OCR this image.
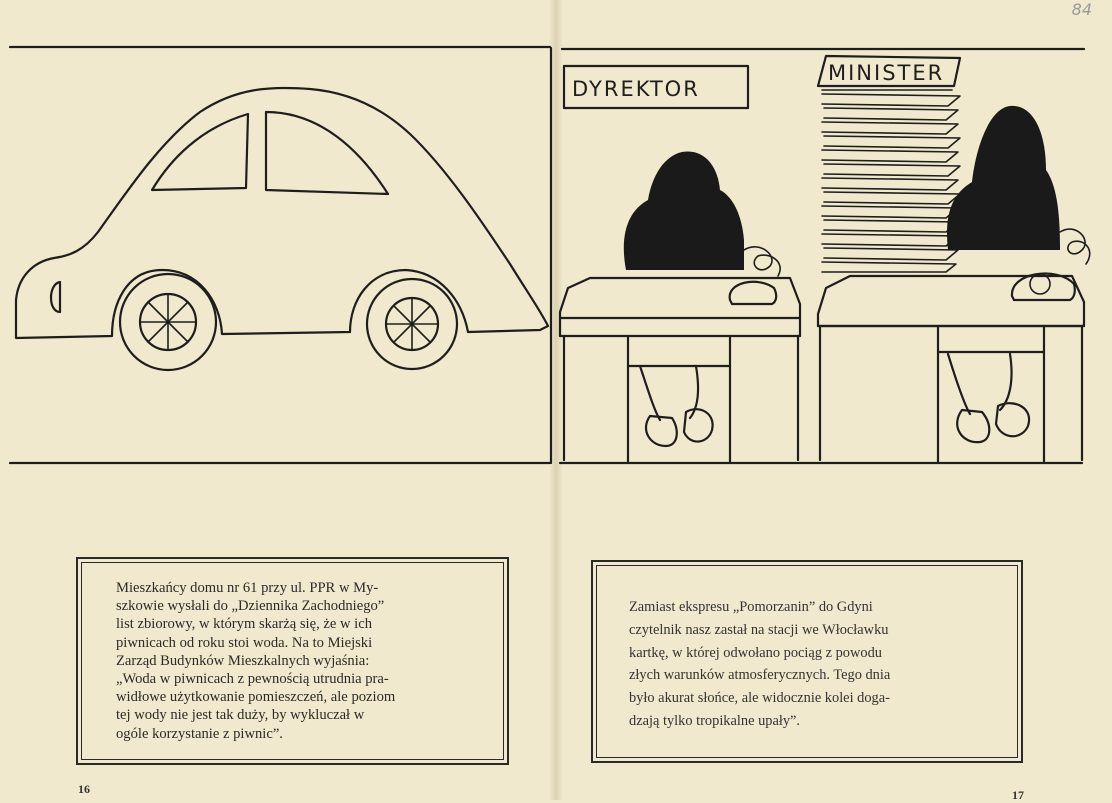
84
DYREKTOR
MINISTER
Mieszkańcy domu nr 61 przy ul. PPR w My-
szkowie wysłali do „Dziennika Zachodniego”
list zbiorowy, w którym skarżą się, że w ich
piwnicach od roku stoi woda. Na to Miejski
Zarząd Budynków Mieszkalnych wyjaśnia:
„Woda w piwnicach z pewnością utrudnia pra-
widłowe użytkowanie pomieszczeń, ale poziom
tej wody nie jest tak duży, by wykluczał w
ogóle korzystanie z piwnic”.
Zamiast ekspresu „Pomorzanin” do Gdyni
czytelnik nasz zastał na stacji we Włocławku
kartkę, w której odwołano pociąg z powodu
złych warunków atmosferycznych. Tego dnia
było akurat słońce, ale widocznie kolei doga-
dzają tylko tropikalne upały”.
16	17
